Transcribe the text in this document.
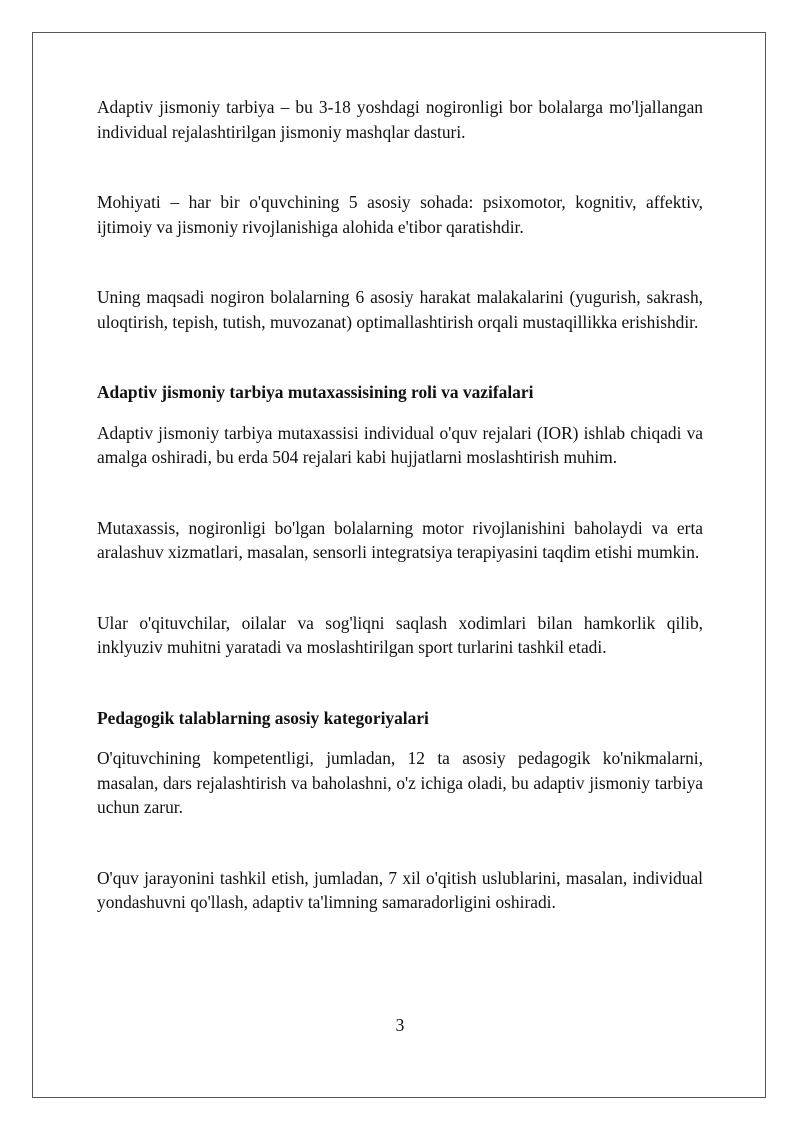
Adaptiv jismoniy tarbiya – bu 3-18 yoshdagi nogironligi bor bolalarga mo'ljallangan individual rejalashtirilgan jismoniy mashqlar dasturi.

Mohiyati – har bir o'quvchining 5 asosiy sohada: psixomotor, kognitiv, affektiv, ijtimoiy va jismoniy rivojlanishiga alohida e'tibor qaratishdir.

Uning maqsadi nogiron bolalarning 6 asosiy harakat malakalarini (yugurish, sakrash, uloqtirish, tepish, tutish, muvozanat) optimallashtirish orqali mustaqillikka erishishdir.

Adaptiv jismoniy tarbiya mutaxassisining roli va vazifalari

Adaptiv jismoniy tarbiya mutaxassisi individual o'quv rejalari (IOR) ishlab chiqadi va amalga oshiradi, bu erda 504 rejalari kabi hujjatlarni moslashtirish muhim.

Mutaxassis, nogironligi bo'lgan bolalarning motor rivojlanishini baholaydi va erta aralashuv xizmatlari, masalan, sensorli integratsiya terapiyasini taqdim etishi mumkin.

Ular o'qituvchilar, oilalar va sog'liqni saqlash xodimlari bilan hamkorlik qilib, inklyuziv muhitni yaratadi va moslashtirilgan sport turlarini tashkil etadi.

Pedagogik talablarning asosiy kategoriyalari

O'qituvchining kompetentligi, jumladan, 12 ta asosiy pedagogik ko'nikmalarni, masalan, dars rejalashtirish va baholashni, o'z ichiga oladi, bu adaptiv jismoniy tarbiya uchun zarur.

O'quv jarayonini tashkil etish, jumladan, 7 xil o'qitish uslublarini, masalan, individual yondashuvni qo'llash, adaptiv ta'limning samaradorligini oshiradi.

3
